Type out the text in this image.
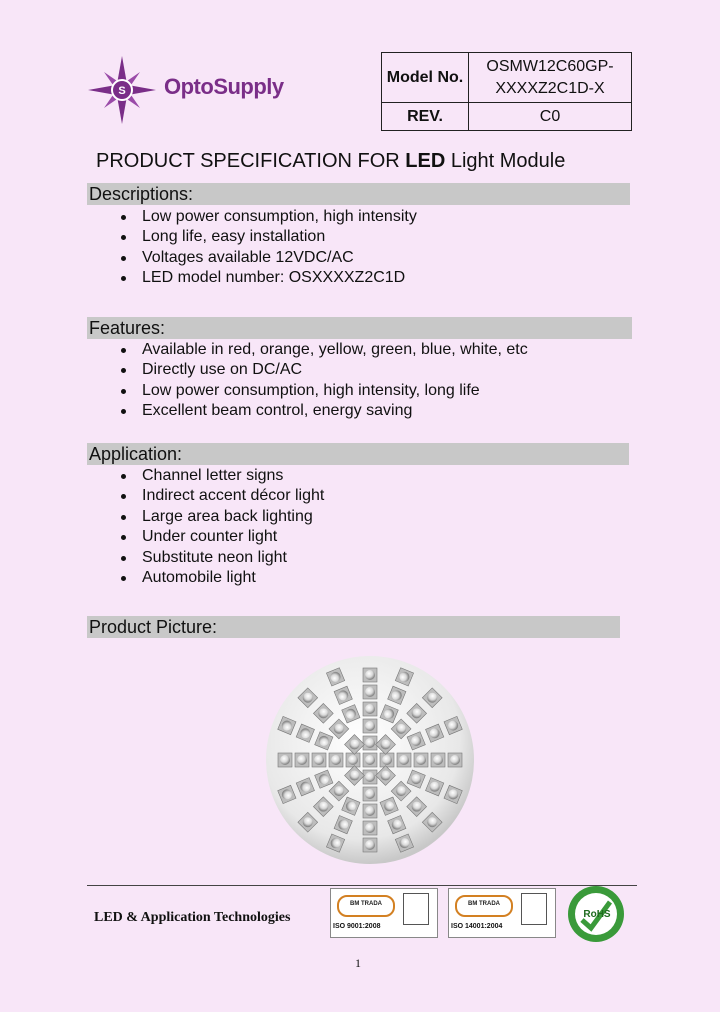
S OptoSupply	Model No.	OSMW12C60GP-
XXXXZ2C1D-X

REV.	C0
PRODUCT SPECIFICATION FOR LED Light Module
Descriptions:
Low power consumption, high intensity
Long life, easy installation
Voltages available 12VDC/AC
LED model number: OSXXXXZ2C1D
Features:
Available in red, orange, yellow, green, blue, white, etc
Directly use on DC/AC
Low power consumption, high intensity, long life
Excellent beam control, energy saving
Application:
Channel letter signs
Indirect accent décor light
Large area back lighting
Under counter light
Substitute neon light
Automobile light
Product Picture:
LED & Application Technologies
BM TRADA
ISO 9001:2008
BM TRADA
ISO 14001:2004
RoHS
1
